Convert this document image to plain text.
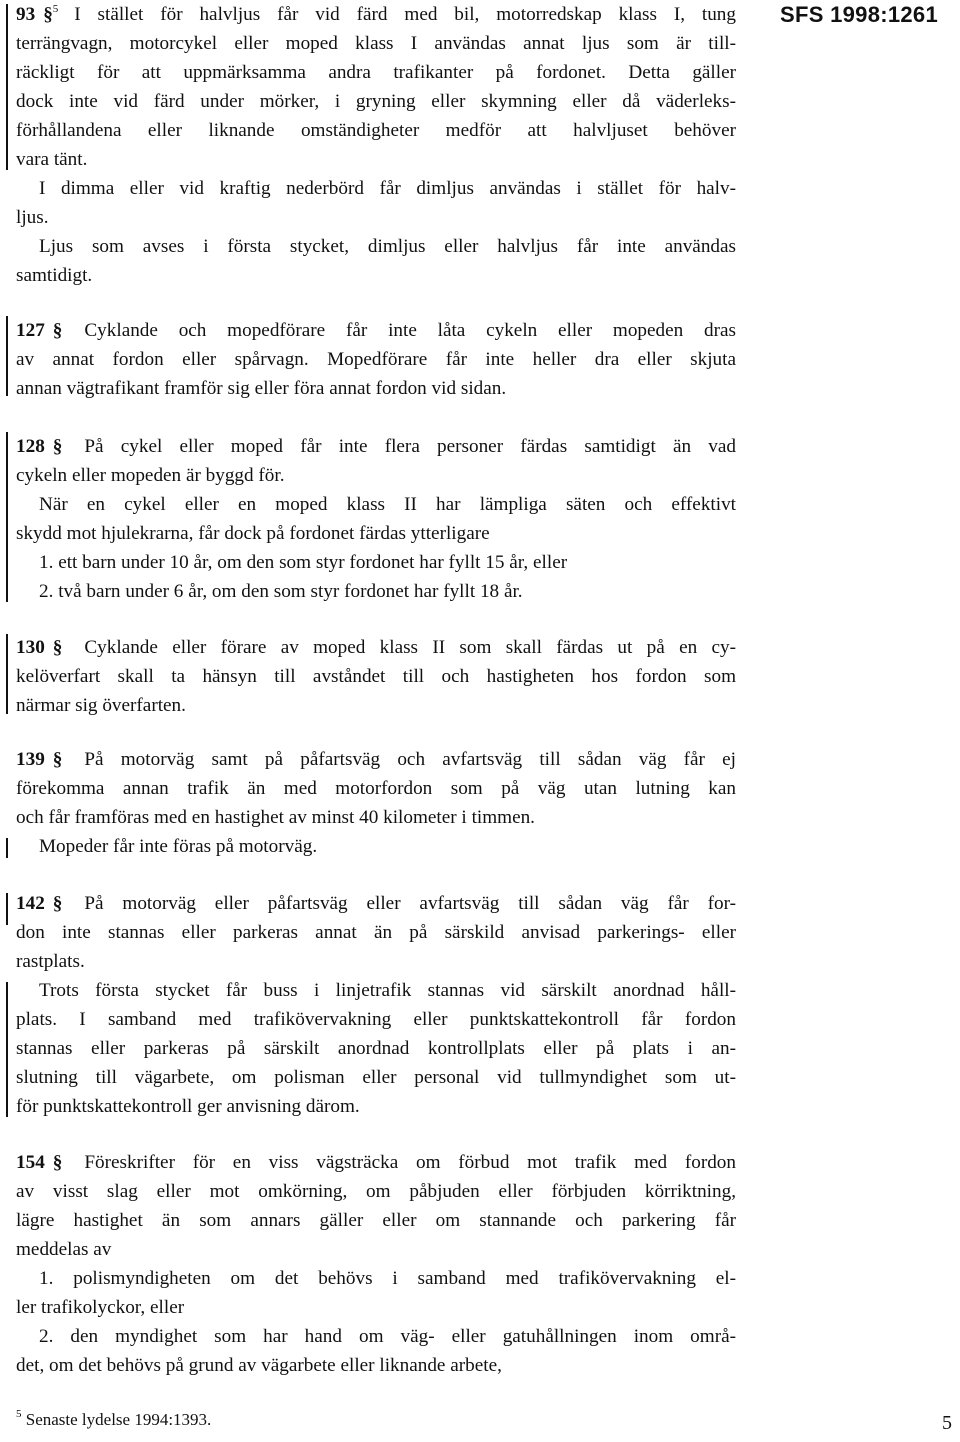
SFS 1998:1261
93 §$^5$ I stället för halvljus får vid färd med bil, motorredskap klass I, tung
terrängvagn, motorcykel eller moped klass I användas annat ljus som är till-
räckligt för att uppmärksamma andra trafikanter på fordonet. Detta gäller
dock inte vid färd under mörker, i gryning eller skymning eller då väderleks-
förhållandena eller liknande omständigheter medför att halvljuset behöver
vara tänt.
I dimma eller vid kraftig nederbörd får dimljus användas i stället för halv-
ljus.
Ljus som avses i första stycket, dimljus eller halvljus får inte användas
samtidigt.
127 § Cyklande och mopedförare får inte låta cykeln eller mopeden dras
av annat fordon eller spårvagn. Mopedförare får inte heller dra eller skjuta
annan vägtrafikant framför sig eller föra annat fordon vid sidan.
128 § På cykel eller moped får inte flera personer färdas samtidigt än vad
cykeln eller mopeden är byggd för.
När en cykel eller en moped klass II har lämpliga säten och effektivt
skydd mot hjulekrarna, får dock på fordonet färdas ytterligare
1. ett barn under 10 år, om den som styr fordonet har fyllt 15 år, eller
2. två barn under 6 år, om den som styr fordonet har fyllt 18 år.
130 § Cyklande eller förare av moped klass II som skall färdas ut på en cy-
kelöverfart skall ta hänsyn till avståndet till och hastigheten hos fordon som
närmar sig överfarten.
139 § På motorväg samt på påfartsväg och avfartsväg till sådan väg får ej
förekomma annan trafik än med motorfordon som på väg utan lutning kan
och får framföras med en hastighet av minst 40 kilometer i timmen.
Mopeder får inte föras på motorväg.
142 § På motorväg eller påfartsväg eller avfartsväg till sådan väg får for-
don inte stannas eller parkeras annat än på särskild anvisad parkerings- eller
rastplats.
Trots första stycket får buss i linjetrafik stannas vid särskilt anordnad håll-
plats. I samband med trafikövervakning eller punktskattekontroll får fordon
stannas eller parkeras på särskilt anordnad kontrollplats eller på plats i an-
slutning till vägarbete, om polisman eller personal vid tullmyndighet som ut-
för punktskattekontroll ger anvisning därom.
154 § Föreskrifter för en viss vägsträcka om förbud mot trafik med fordon
av visst slag eller mot omkörning, om påbjuden eller förbjuden körriktning,
lägre hastighet än som annars gäller eller om stannande och parkering får
meddelas av
1. polismyndigheten om det behövs i samband med trafikövervakning el-
ler trafikolyckor, eller
2. den myndighet som har hand om väg- eller gatuhållningen inom områ-
det, om det behövs på grund av vägarbete eller liknande arbete,
$^5$ Senaste lydelse 1994:1393.	5
